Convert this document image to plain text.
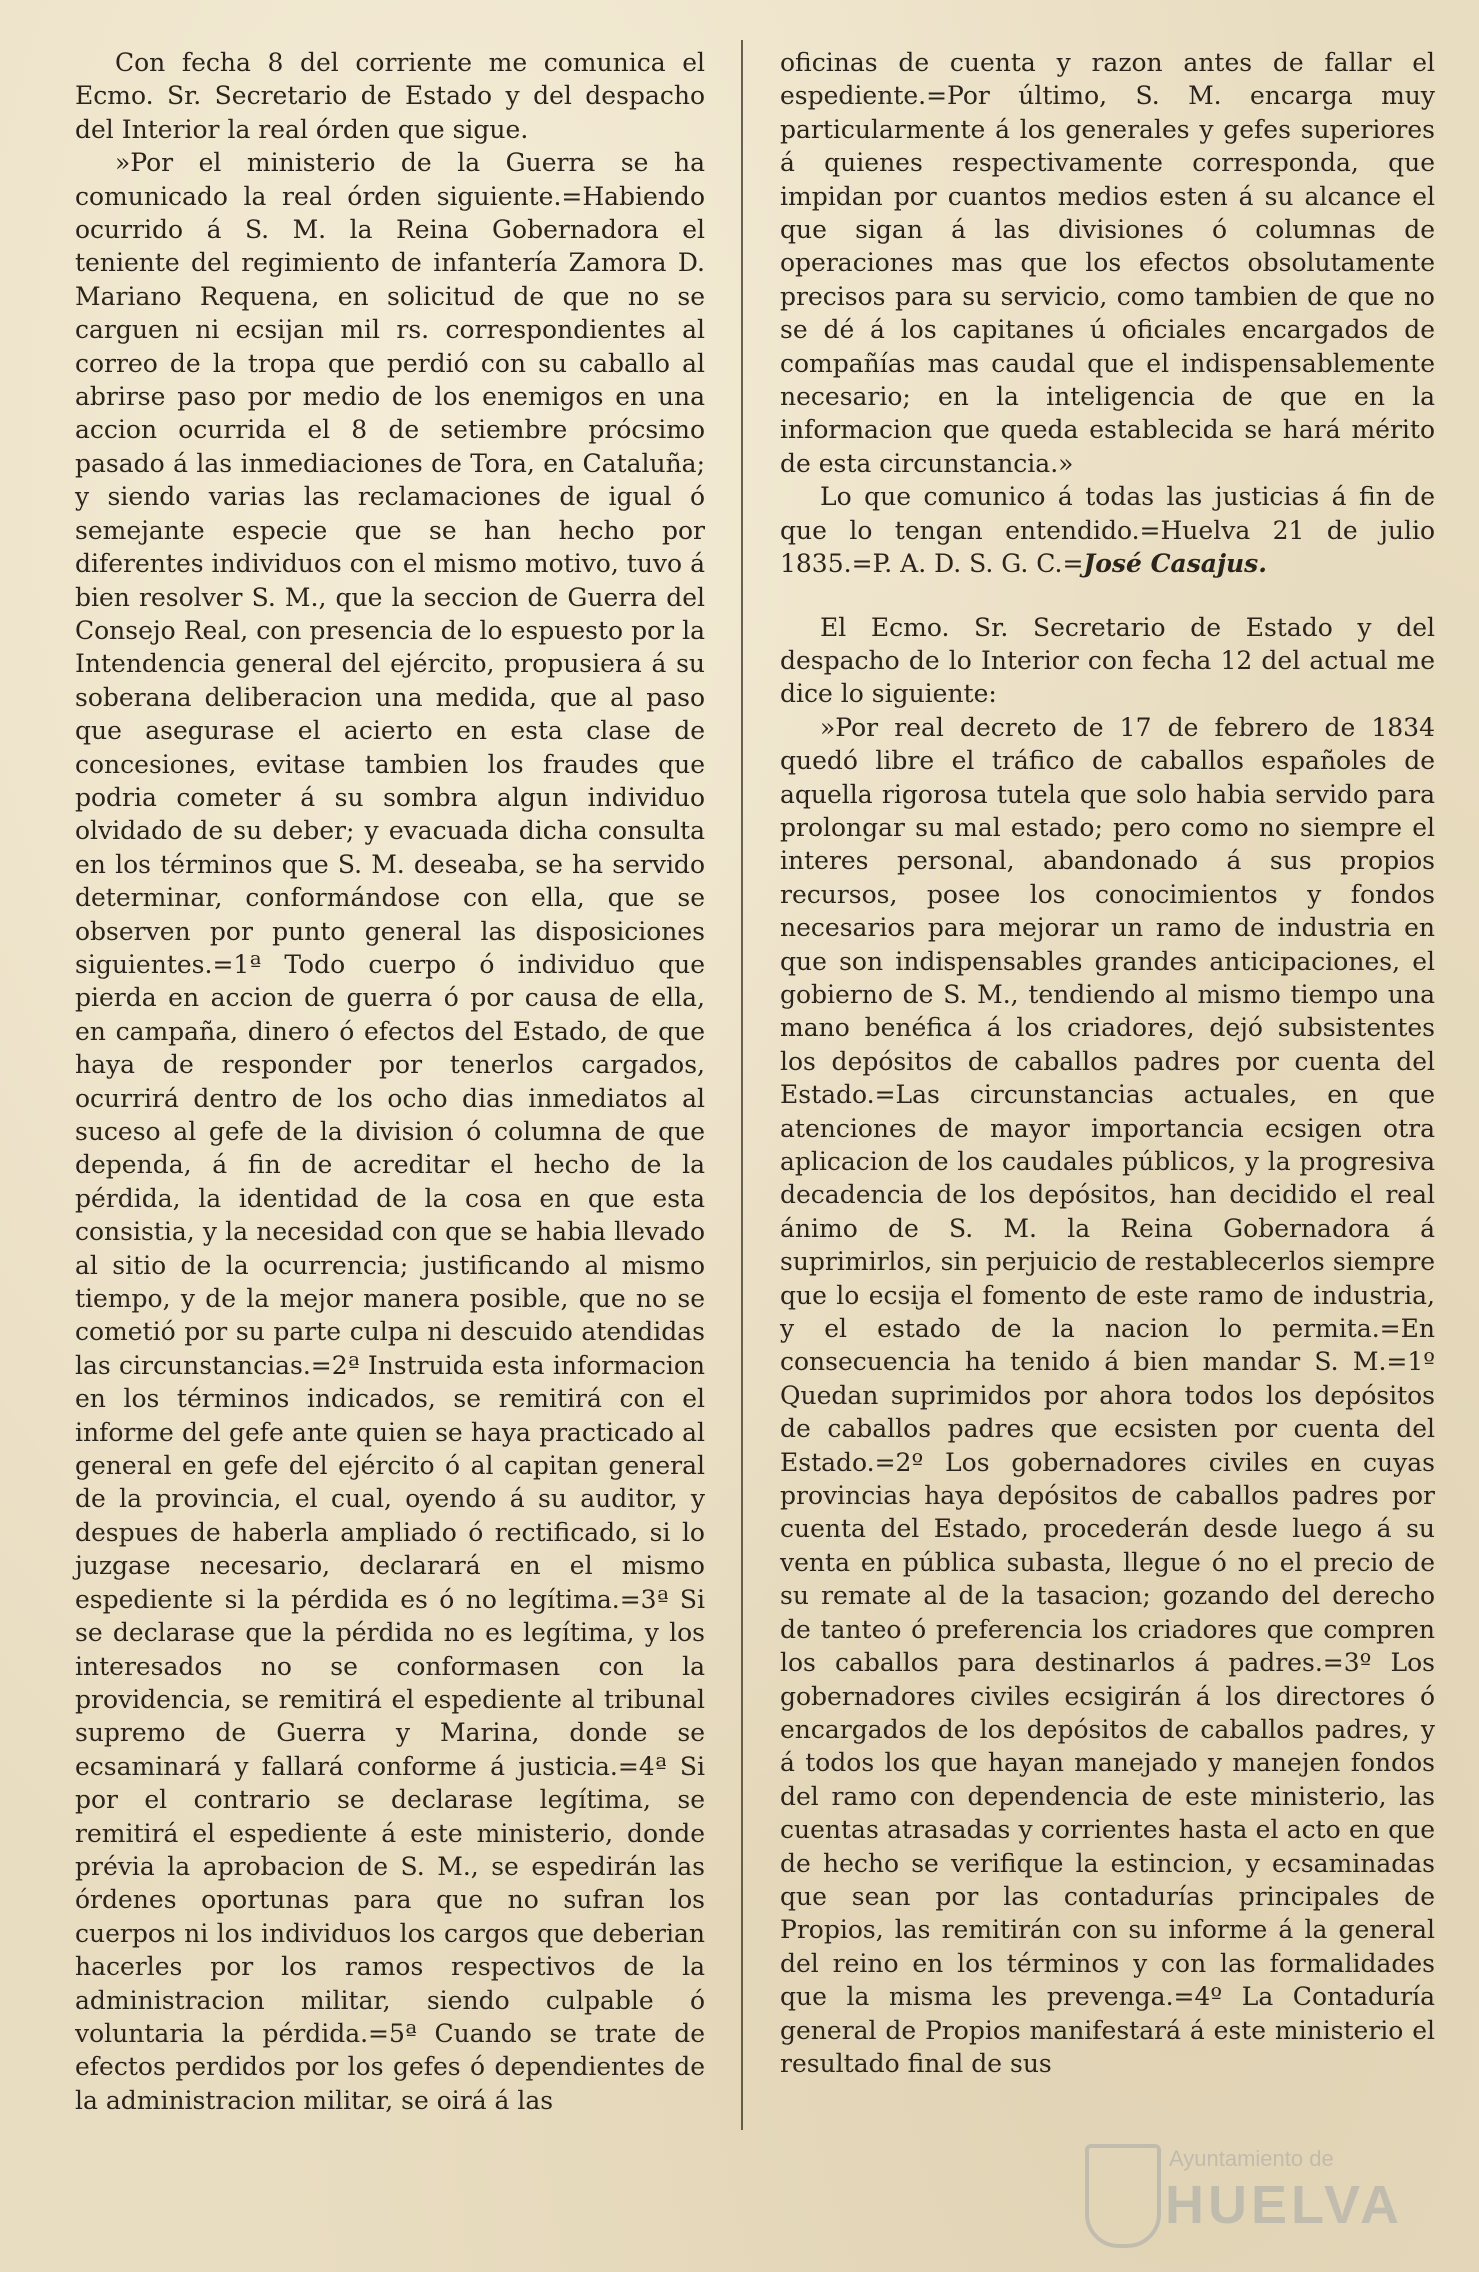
Con fecha 8 del corriente me comunica el Ecmo. Sr. Secretario de Estado y del despacho del Interior la real órden que sigue.

»Por el ministerio de la Guerra se ha comunicado la real órden siguiente.=Habiendo ocurrido á S. M. la Reina Gobernadora el teniente del regimiento de infantería Zamora D. Mariano Requena, en solicitud de que no se carguen ni ecsijan mil rs. correspondientes al correo de la tropa que perdió con su caballo al abrirse paso por medio de los enemigos en una accion ocurrida el 8 de setiembre prócsimo pasado á las inmediaciones de Tora, en Cataluña; y siendo varias las reclamaciones de igual ó semejante especie que se han hecho por diferentes individuos con el mismo motivo, tuvo á bien resolver S. M., que la seccion de Guerra del Consejo Real, con presencia de lo espuesto por la Intendencia general del ejército, propusiera á su soberana deliberacion una medida, que al paso que asegurase el acierto en esta clase de concesiones, evitase tambien los fraudes que podria cometer á su sombra algun individuo olvidado de su deber; y evacuada dicha consulta en los términos que S. M. deseaba, se ha servido determinar, conformándose con ella, que se observen por punto general las disposiciones siguientes.=1ª Todo cuerpo ó individuo que pierda en accion de guerra ó por causa de ella, en campaña, dinero ó efectos del Estado, de que haya de responder por tenerlos cargados, ocurrirá dentro de los ocho dias inmediatos al suceso al gefe de la division ó columna de que dependa, á fin de acreditar el hecho de la pérdida, la identidad de la cosa en que esta consistia, y la necesidad con que se habia llevado al sitio de la ocurrencia; justificando al mismo tiempo, y de la mejor manera posible, que no se cometió por su parte culpa ni descuido atendidas las circunstancias.=2ª Instruida esta informacion en los términos indicados, se remitirá con el informe del gefe ante quien se haya practicado al general en gefe del ejército ó al capitan general de la provincia, el cual, oyendo á su auditor, y despues de haberla ampliado ó rectificado, si lo juzgase necesario, declarará en el mismo espediente si la pérdida es ó no legítima.=3ª Si se declarase que la pérdida no es legítima, y los interesados no se conformasen con la providencia, se remitirá el espediente al tribunal supremo de Guerra y Marina, donde se ecsaminará y fallará conforme á justicia.=4ª Si por el contrario se declarase legítima, se remitirá el espediente á este ministerio, donde prévia la aprobacion de S. M., se espedirán las órdenes oportunas para que no sufran los cuerpos ni los individuos los cargos que deberian hacerles por los ramos respectivos de la administracion militar, siendo culpable ó voluntaria la pérdida.=5ª Cuando se trate de efectos perdidos por los gefes ó dependientes de la administracion militar, se oirá á las

oficinas de cuenta y razon antes de fallar el espediente.=Por último, S. M. encarga muy particularmente á los generales y gefes superiores á quienes respectivamente corresponda, que impidan por cuantos medios esten á su alcance el que sigan á las divisiones ó columnas de operaciones mas que los efectos obsolutamente precisos para su servicio, como tambien de que no se dé á los capitanes ú oficiales encargados de compañías mas caudal que el indispensablemente necesario; en la inteligencia de que en la informacion que queda establecida se hará mérito de esta circunstancia.»

Lo que comunico á todas las justicias á fin de que lo tengan entendido.=Huelva 21 de julio 1835.=P. A. D. S. G. C.=José Casajus.

El Ecmo. Sr. Secretario de Estado y del despacho de lo Interior con fecha 12 del actual me dice lo siguiente:

»Por real decreto de 17 de febrero de 1834 quedó libre el tráfico de caballos españoles de aquella rigorosa tutela que solo habia servido para prolongar su mal estado; pero como no siempre el interes personal, abandonado á sus propios recursos, posee los conocimientos y fondos necesarios para mejorar un ramo de industria en que son indispensables grandes anticipaciones, el gobierno de S. M., tendiendo al mismo tiempo una mano benéfica á los criadores, dejó subsistentes los depósitos de caballos padres por cuenta del Estado.=Las circunstancias actuales, en que atenciones de mayor importancia ecsigen otra aplicacion de los caudales públicos, y la progresiva decadencia de los depósitos, han decidido el real ánimo de S. M. la Reina Gobernadora á suprimirlos, sin perjuicio de restablecerlos siempre que lo ecsija el fomento de este ramo de industria, y el estado de la nacion lo permita.=En consecuencia ha tenido á bien mandar S. M.=1º Quedan suprimidos por ahora todos los depósitos de caballos padres que ecsisten por cuenta del Estado.=2º Los gobernadores civiles en cuyas provincias haya depósitos de caballos padres por cuenta del Estado, procederán desde luego á su venta en pública subasta, llegue ó no el precio de su remate al de la tasacion; gozando del derecho de tanteo ó preferencia los criadores que compren los caballos para destinarlos á padres.=3º Los gobernadores civiles ecsigirán á los directores ó encargados de los depósitos de caballos padres, y á todos los que hayan manejado y manejen fondos del ramo con dependencia de este ministerio, las cuentas atrasadas y corrientes hasta el acto en que de hecho se verifique la estincion, y ecsaminadas que sean por las contadurías principales de Propios, las remitirán con su informe á la general del reino en los términos y con las formalidades que la misma les prevenga.=4º La Contaduría general de Propios manifestará á este ministerio el resultado final de sus

Ayuntamiento de
HUELVA
